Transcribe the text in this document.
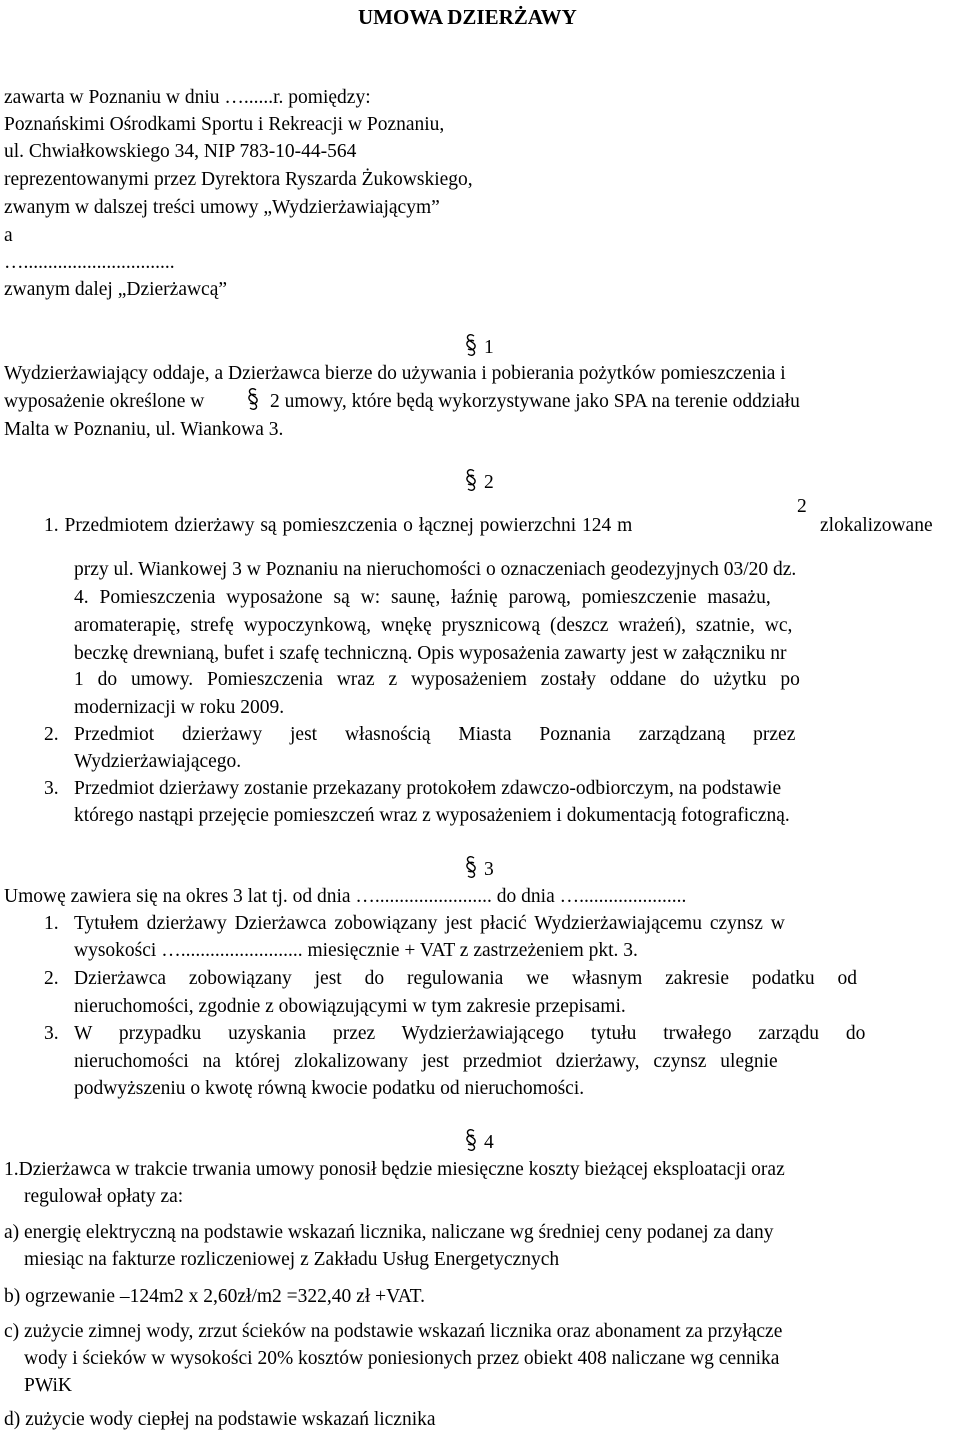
UMOWA DZIERŻAWY
zawarta w Poznaniu w dniu …......r. pomiędzy:
Poznańskimi Ośrodkami Sportu i Rekreacji w Poznaniu,
ul. Chwiałkowskiego 34, NIP 783-10-44-564
reprezentowanymi przez Dyrektora Ryszarda Żukowskiego,
zwanym w dalszej treści umowy „Wydzierżawiającym”
a
…...............................
zwanym dalej „Dzierżawcą”
1
Wydzierżawiający oddaje, a Dzierżawca bierze do używania i pobierania pożytków pomieszczenia i
wyposażenie określone w	2 umowy, które będą wykorzystywane jako SPA na terenie oddziału
Malta w Poznaniu, ul. Wiankowa 3.
2
1. Przedmiotem dzierżawy są pomieszczenia o łącznej powierzchni 124 m
2
zlokalizowane
przy ul. Wiankowej 3 w Poznaniu na nieruchomości o oznaczeniach geodezyjnych 03/20 dz.
4. Pomieszczenia wyposażone są w: saunę, łaźnię parową, pomieszczenie masażu,
aromaterapię, strefę wypoczynkową, wnękę prysznicową (deszcz wrażeń), szatnie, wc,
beczkę drewnianą, bufet i szafę techniczną. Opis wyposażenia zawarty jest w załączniku nr
1 do umowy. Pomieszczenia wraz z wyposażeniem zostały oddane do użytku po
modernizacji w roku 2009.
2. Przedmiot dzierżawy jest własnością Miasta Poznania zarządzaną przez
Wydzierżawiającego.
3. Przedmiot dzierżawy zostanie przekazany protokołem zdawczo-odbiorczym, na podstawie
którego nastąpi przejęcie pomieszczeń wraz z wyposażeniem i dokumentacją fotograficzną.
3
Umowę zawiera się na okres 3 lat tj. od dnia …........................ do dnia …......................
1. Tytułem dzierżawy Dzierżawca zobowiązany jest płacić Wydzierżawiającemu czynsz w
wysokości …......................... miesięcznie + VAT z zastrzeżeniem pkt. 3.
2. Dzierżawca zobowiązany jest do regulowania we własnym zakresie podatku od
nieruchomości, zgodnie z obowiązującymi w tym zakresie przepisami.
3. W przypadku uzyskania przez Wydzierżawiającego tytułu trwałego zarządu do
nieruchomości na której zlokalizowany jest przedmiot dzierżawy, czynsz ulegnie
podwyższeniu o kwotę równą kwocie podatku od nieruchomości.
4
1.Dzierżawca w trakcie trwania umowy ponosił będzie miesięczne koszty bieżącej eksploatacji oraz
regulował opłaty za:
a) energię elektryczną na podstawie wskazań licznika, naliczane wg średniej ceny podanej za dany
miesiąc na fakturze rozliczeniowej z Zakładu Usług Energetycznych
b) ogrzewanie –124m2 x 2,60zł/m2 =322,40 zł +VAT.
c) zużycie zimnej wody, zrzut ścieków na podstawie wskazań licznika oraz abonament za przyłącze
wody i ścieków w wysokości 20% kosztów poniesionych przez obiekt 408 naliczane wg cennika
PWiK
d) zużycie wody ciepłej na podstawie wskazań licznika
